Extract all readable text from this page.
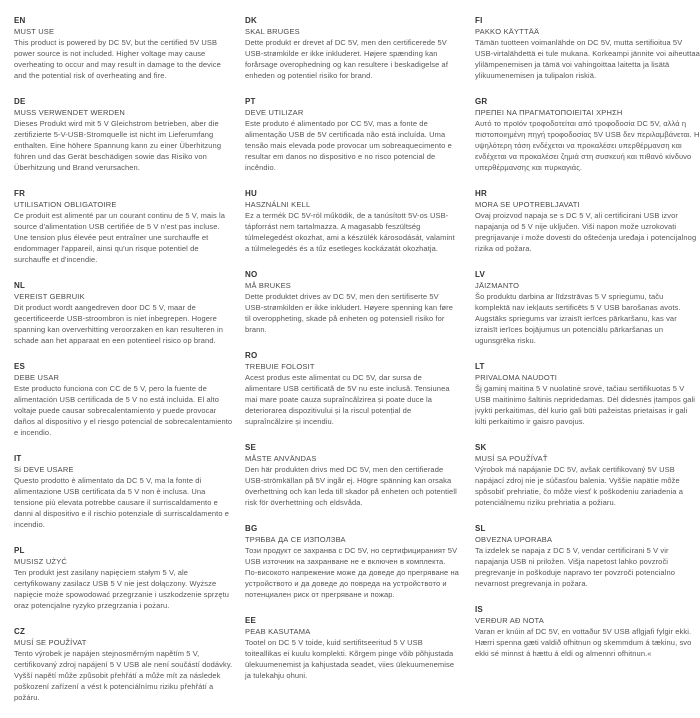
EN
MUST USE

This product is powered by DC 5V, but the certified 5V USB power source is not included. Higher voltage may cause overheating to occur and may result in damage to the device and the potential risk of overheating and fire.

DE
MUSS VERWENDET WERDEN

Dieses Produkt wird mit 5 V Gleichstrom betrieben, aber die zertifizierte 5-V-USB-Stromquelle ist nicht im Lieferumfang enthalten. Eine höhere Spannung kann zu einer Überhitzung führen und das Gerät beschädigen sowie das Risiko von Überhitzung und Brand verursachen.

FR
UTILISATION OBLIGATOIRE

Ce produit est alimenté par un courant continu de 5 V, mais la source d'alimentation USB certifiée de 5 V n'est pas incluse. Une tension plus élevée peut entraîner une surchauffe et endommager l'appareil, ainsi qu'un risque potentiel de surchauffe et d'incendie.

NL
VEREIST GEBRUIK

Dit product wordt aangedreven door DC 5 V, maar de gecertificeerde USB-stroombron is niet inbegrepen. Hogere spanning kan oververhitting veroorzaken en kan resulteren in schade aan het apparaat en een potentieel risico op brand.

ES
DEBE USAR

Este producto funciona con CC de 5 V, pero la fuente de alimentación USB certificada de 5 V no está incluida. El alto voltaje puede causar sobrecalentamiento y puede provocar daños al dispositivo y el riesgo potencial de sobrecalentamiento e incendio.

IT
Si DEVE USARE

Questo prodotto è alimentato da DC 5 V, ma la fonte di alimentazione USB certificata da 5 V non è inclusa. Una tensione più elevata potrebbe causare il surriscaldamento e danni al dispositivo e il rischio potenziale di surriscaldamento e incendio.

PL
MUSISZ UŻYĆ

Ten produkt jest zasilany napięciem stałym 5 V, ale certyfikowany zasilacz USB 5 V nie jest dołączony. Wyższe napięcie może spowodować przegrzanie i uszkodzenie sprzętu oraz potencjalne ryzyko przegrzania i pożaru.

CZ
MUSÍ SE POUŽÍVAT

Tento výrobek je napájen stejnosměrným napětím 5 V, certifikovaný zdroj napájení 5 V USB ale není součástí dodávky. Vyšší napětí může způsobit přehřátí a může mít za následek poškození zařízení a vést k potenciálnímu riziku přehřátí a požáru.

DK
SKAL BRUGES

Dette produkt er drevet af DC 5V, men den certificerede 5V USB-strømkilde er ikke inkluderet. Højere spænding kan forårsage overophedning og kan resultere i beskadigelse af enheden og potentiel risiko for brand.

PT
DEVE UTILIZAR

Este produto é alimentado por CC 5V, mas a fonte de alimentação USB de 5V certificada não está incluída. Uma tensão mais elevada pode provocar um sobreaquecimento e resultar em danos no dispositivo e no risco potencial de incêndio.

HU
HASZNÁLNI KELL

Ez a termék DC 5V-ról működik, de a tanúsított 5V-os USB-tápforrást nem tartalmazza. A magasabb feszültség túlmelegedést okozhat, ami a készülék károsodását, valamint a túlmelegedés és a tűz esetleges kockázatát okozhatja.

NO
MÅ BRUKES

Dette produktet drives av DC 5V, men den sertifiserte 5V USB-strømkilden er ikke inkludert. Høyere spenning kan føre til overoppheting, skade på enheten og potensiell risiko for brann.

RO
TREBUIE FOLOSIT

Acest produs este alimentat cu DC 5V, dar sursa de alimentare USB certificată de 5V nu este inclusă. Tensiunea mai mare poate cauza supraîncălzirea și poate duce la deteriorarea dispozitivului și la riscul potențial de supraîncălzire și incendiu.

SE
MÅSTE ANVÄNDAS

Den här produkten drivs med DC 5V, men den certifierade USB-strömkällan på 5V ingår ej. Högre spänning kan orsaka överhettning och kan leda till skador på enheten och potentiell risk för överhettning och eldsvåda.

BG
ТРЯБВА ДА СЕ ИЗПОЛЗВА

Този продукт се захранва с DC 5V, но сертифицираният 5V USB източник на захранване не е включен в комплекта. По-високото напрежение може да доведе до прегряване на устройството и да доведе до повреда на устройството и потенциален риск от прегряване и пожар.

EE
PEAB KASUTAMA

Tootel on DC 5 V toide, kuid sertifitseeritud 5 V USB toiteallikas ei kuulu komplekti. Kõrgem pinge võib põhjustada ülekuumenemist ja kahjustada seadet, viies ülekuumenemise ja tulekahju ohuni.

FI
PAKKO KÄYTTÄÄ

Tämän tuotteen voimanlähde on DC 5V, mutta sertifioitua 5V USB-virtalähdettä ei tule mukana. Korkeampi jännite voi aiheuttaa ylilämpenemisen ja tämä voi vahingoittaa laitetta ja lisätä ylikuumenemisen ja tulipalon riskiä.

GR
ΠΡΕΠΕΙ ΝΑ ΠΡΑΓΜΑΤΟΠΟΙΕΙΤΑΙ ΧΡΗΣΗ

Αυτό το προϊόν τροφοδοτείται από τροφοδοσία DC 5V, αλλά η πιστοποιημένη πηγή τροφοδοσίας 5V USB δεν περιλαμβάνεται. Η υψηλότερη τάση ενδέχεται να προκαλέσει υπερθέρμανση και ενδέχεται να προκαλέσει ζημιά στη συσκευή και πιθανό κίνδυνο υπερθέρμανσης και πυρκαγιάς.

HR
MORA SE UPOTREBLJAVATI

Ovaj proizvod napaja se s DC 5 V, ali certificirani USB izvor napajanja od 5 V nije uključen. Viši napon može uzrokovati pregrijavanje i može dovesti do oštećenja uređaja i potencijalnog rizika od požara.

LV
JĀIZMANTO

Šo produktu darbina ar līdzstrāvas 5 V spriegumu, taču komplektā nav iekļauts sertificēts 5 V USB barošanas avots. Augstāks spriegums var izraisīt ierīces pārkaršanu, kas var izraisīt ierīces bojājumus un potenciālu pārkaršanas un ugunsgrēka risku.

LT
PRIVALOMA NAUDOTI

Šį gaminį maitina 5 V nuolatinė srovė, tačiau sertifikuotas 5 V USB maitinimo šaltinis nepridedamas. Dėl didesnės įtampos gali įvykti perkaitimas, dėl kurio gali būti pažeistas prietaisas ir gali kilti perkaitimo ir gaisro pavojus.

SK
MUSÍ SA POUŽÍVAŤ

Výrobok má napájanie DC 5V, avšak certifikovaný 5V USB napájací zdroj nie je súčasťou balenia. Vyššie napätie môže spôsobiť prehriatie, čo môže viesť k poškodeniu zariadenia a potenciálnemu riziku prehriatia a požiaru.

SL
OBVEZNA UPORABA

Ta izdelek se napaja z DC 5 V, vendar certificirani 5 V vir napajanja USB ni priložen. Višja napetost lahko povzroči pregrevanje in poškoduje napravo ter povzroči potencialno nevarnost pregrevanja in požara.

IS
VERÐUR AÐ NOTA

Varan er knúin af DC 5V, en vottaður 5V USB aflgjafi fylgir ekki. Hærri spenna gæti valdið ofhitnun og skemmdum á tækinu, svo ekki sé minnst á hættu á eldi og almennri ofhitnun.«
